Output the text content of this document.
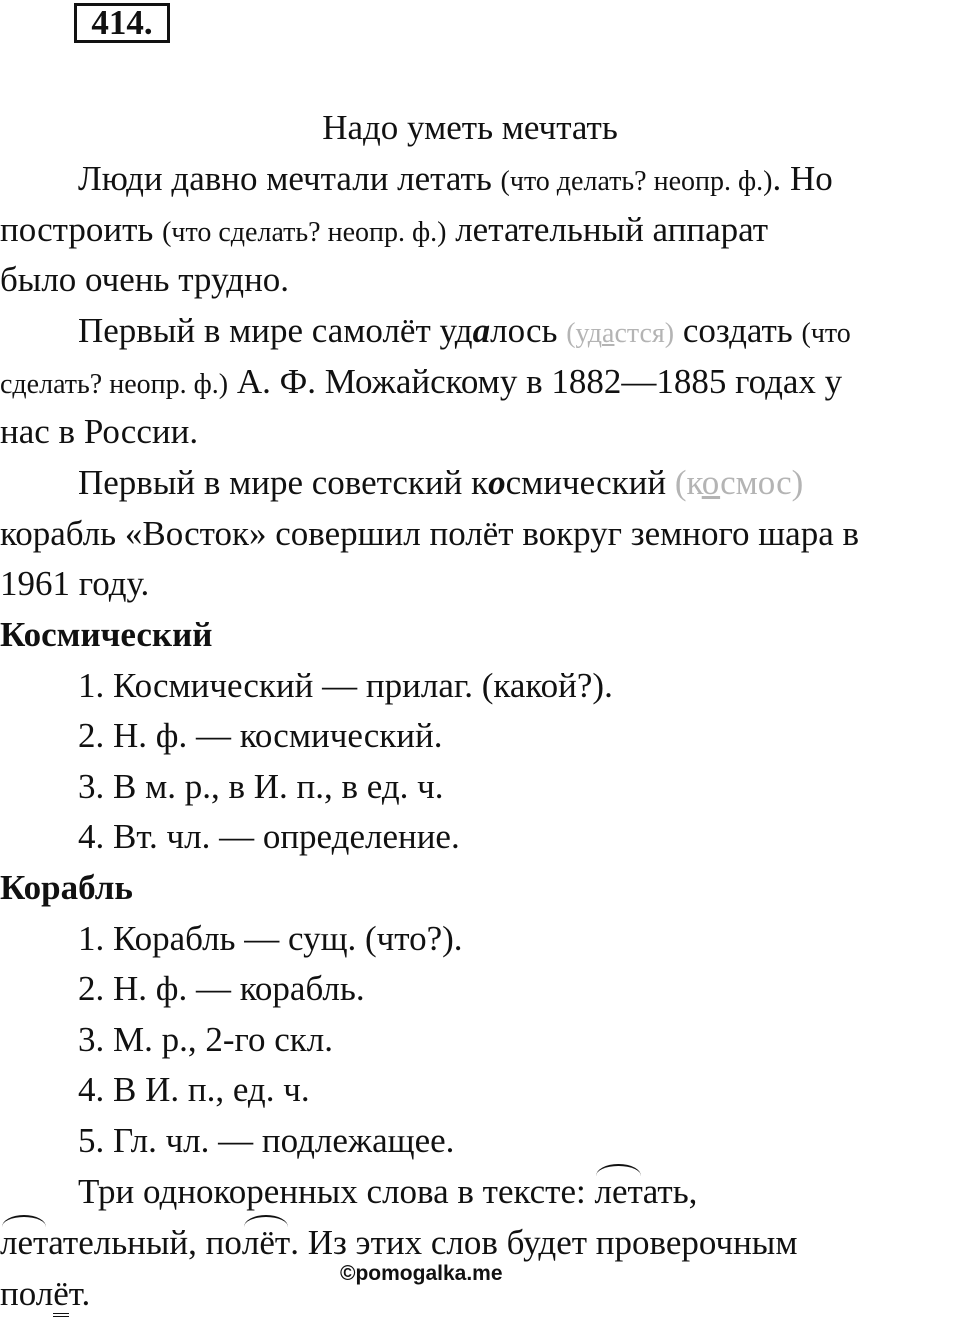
414.
Надо уметь мечтать
Люди давно мечтали летать (что делать? неопр. ф.). Но
построить (что сделать? неопр. ф.) летательный аппарат
было очень трудно.
Первый в мире самолёт удалось (удастся) создать (что
сделать? неопр. ф.) А. Ф. Можайскому в 1882—1885 годах у
нас в России.
Первый в мире советский космический (космос)
корабль «Восток» совершил полёт вокруг земного шара в
1961 году.
Космический
1. Космический — прилаг. (какой?).
2. Н. ф. — космический.
3. В м. р., в И. п., в ед. ч.
4. Вт. чл. — определение.
Корабль
1. Корабль — сущ. (что?).
2. Н. ф. — корабль.
3. М. р., 2-го скл.
4. В И. п., ед. ч.
5. Гл. чл. — подлежащее.
Три однокоренных слова в тексте: летать,
летательный, полёт. Из этих слов будет проверочным
полёт.
©pomogalka.me
